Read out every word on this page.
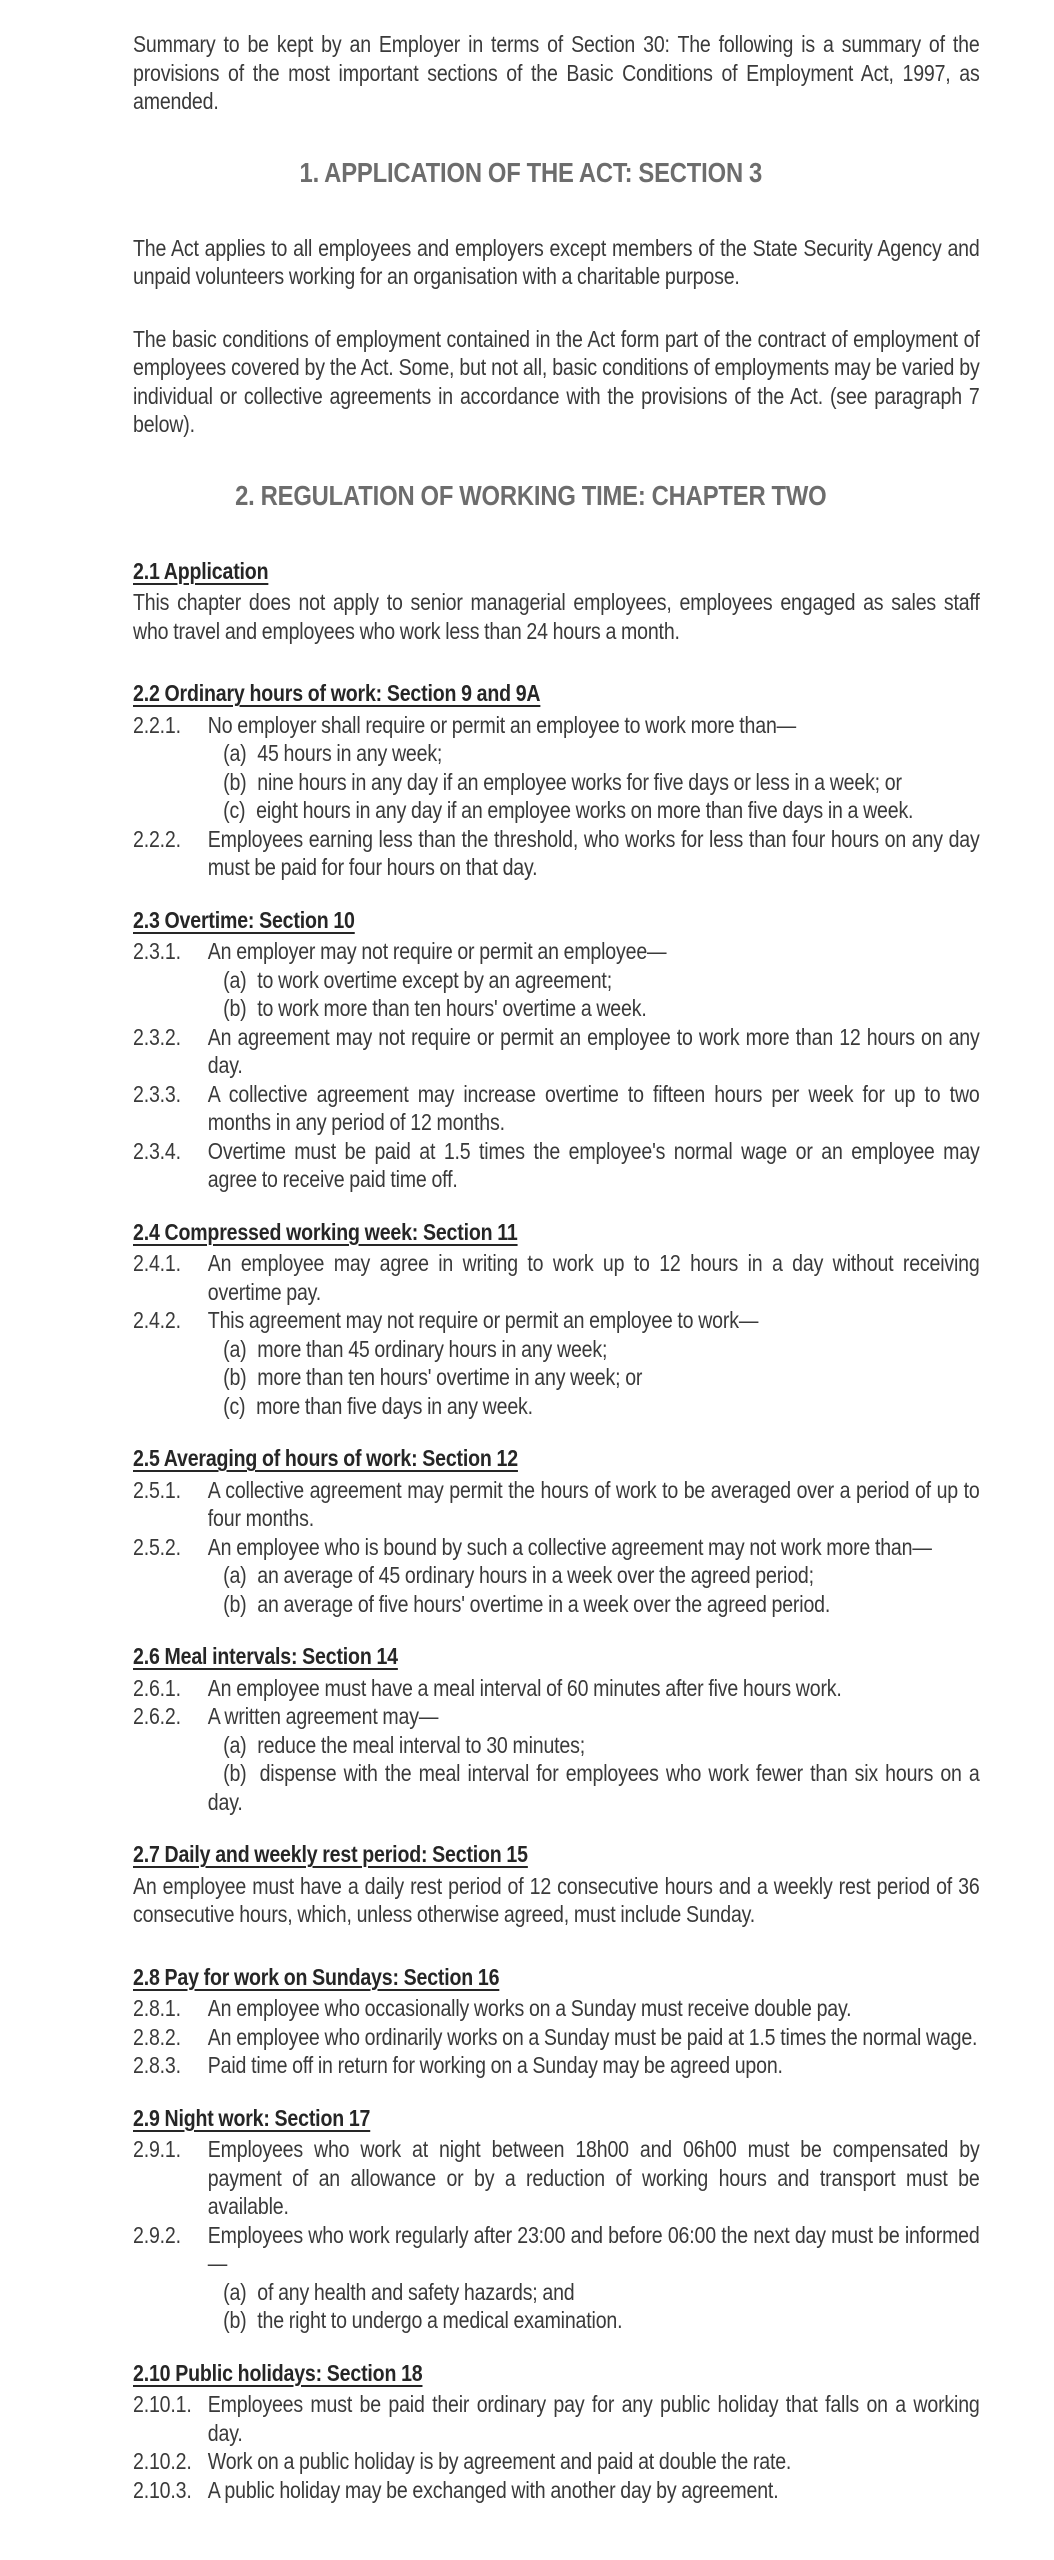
Summary to be kept by an Employer in terms of Section 30: The following is a summary of the provisions of the most important sections of the Basic Conditions of Employment Act, 1997, as amended.

1. APPLICATION OF THE ACT: SECTION 3

The Act applies to all employees and employers except members of the State Security Agency and unpaid volunteers working for an organisation with a charitable purpose.

The basic conditions of employment contained in the Act form part of the contract of employment of employees covered by the Act. Some, but not all, basic conditions of employments may be varied by individual or collective agreements in accordance with the provisions of the Act. (see paragraph 7 below).

2. REGULATION OF WORKING TIME: CHAPTER TWO
2.1 Application

This chapter does not apply to senior managerial employees, employees engaged as sales staff who travel and employees who work less than 24 hours a month.

2.2 Ordinary hours of work: Section 9 and 9A
2.2.1. No employer shall require or permit an employee to work more than—
(a) 45 hours in any week;
(b) nine hours in any day if an employee works for five days or less in a week; or
(c) eight hours in any day if an employee works on more than five days in a week.
2.2.2. Employees earning less than the threshold, who works for less than four hours on any day must be paid for four hours on that day.
2.3 Overtime: Section 10
2.3.1. An employer may not require or permit an employee—
(a) to work overtime except by an agreement;
(b) to work more than ten hours' overtime a week.
2.3.2. An agreement may not require or permit an employee to work more than 12 hours on any day.
2.3.3. A collective agreement may increase overtime to fifteen hours per week for up to two months in any period of 12 months.
2.3.4. Overtime must be paid at 1.5 times the employee's normal wage or an employee may agree to receive paid time off.
2.4 Compressed working week: Section 11
2.4.1. An employee may agree in writing to work up to 12 hours in a day without receiving overtime pay.
2.4.2. This agreement may not require or permit an employee to work—
(a) more than 45 ordinary hours in any week;
(b) more than ten hours' overtime in any week; or
(c) more than five days in any week.
2.5 Averaging of hours of work: Section 12
2.5.1. A collective agreement may permit the hours of work to be averaged over a period of up to four months.
2.5.2. An employee who is bound by such a collective agreement may not work more than—
(a) an average of 45 ordinary hours in a week over the agreed period;
(b) an average of five hours' overtime in a week over the agreed period.
2.6 Meal intervals: Section 14
2.6.1. An employee must have a meal interval of 60 minutes after five hours work.
2.6.2. A written agreement may—
(a) reduce the meal interval to 30 minutes;
(b) dispense with the meal interval for employees who work fewer than six hours on a day.
2.7 Daily and weekly rest period: Section 15

An employee must have a daily rest period of 12 consecutive hours and a weekly rest period of 36 consecutive hours, which, unless otherwise agreed, must include Sunday.

2.8 Pay for work on Sundays: Section 16
2.8.1. An employee who occasionally works on a Sunday must receive double pay.
2.8.2. An employee who ordinarily works on a Sunday must be paid at 1.5 times the normal wage.
2.8.3. Paid time off in return for working on a Sunday may be agreed upon.
2.9 Night work: Section 17
2.9.1. Employees who work at night between 18h00 and 06h00 must be compensated by payment of an allowance or by a reduction of working hours and transport must be available.
2.9.2. Employees who work regularly after 23:00 and before 06:00 the next day must be informed—
(a) of any health and safety hazards; and
(b) the right to undergo a medical examination.
2.10 Public holidays: Section 18
2.10.1. Employees must be paid their ordinary pay for any public holiday that falls on a working day.
2.10.2. Work on a public holiday is by agreement and paid at double the rate.
2.10.3. A public holiday may be exchanged with another day by agreement.
